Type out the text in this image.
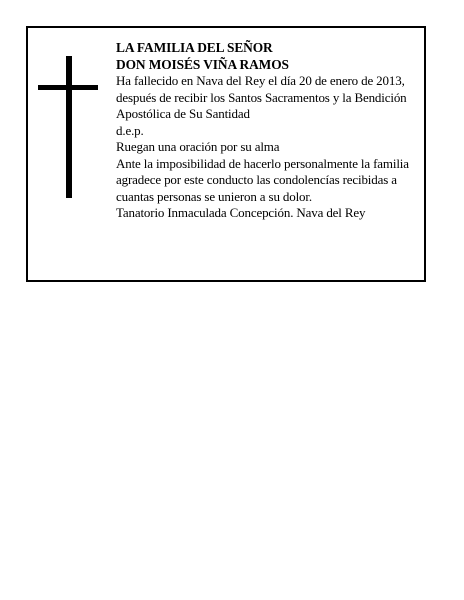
LA FAMILIA DEL SEÑOR

DON MOISÉS VIÑA RAMOS

Ha fallecido en Nava del Rey el día 20 de enero de 2013, después de recibir los Santos Sacramentos y la Bendición Apostólica de Su Santidad

d.e.p.

Ruegan una oración por su alma

Ante la imposibilidad de hacerlo personalmente la familia agradece por este conducto las condolencías recibidas a cuantas personas se unieron a su dolor.

Tanatorio Inmaculada Concepción. Nava del Rey
